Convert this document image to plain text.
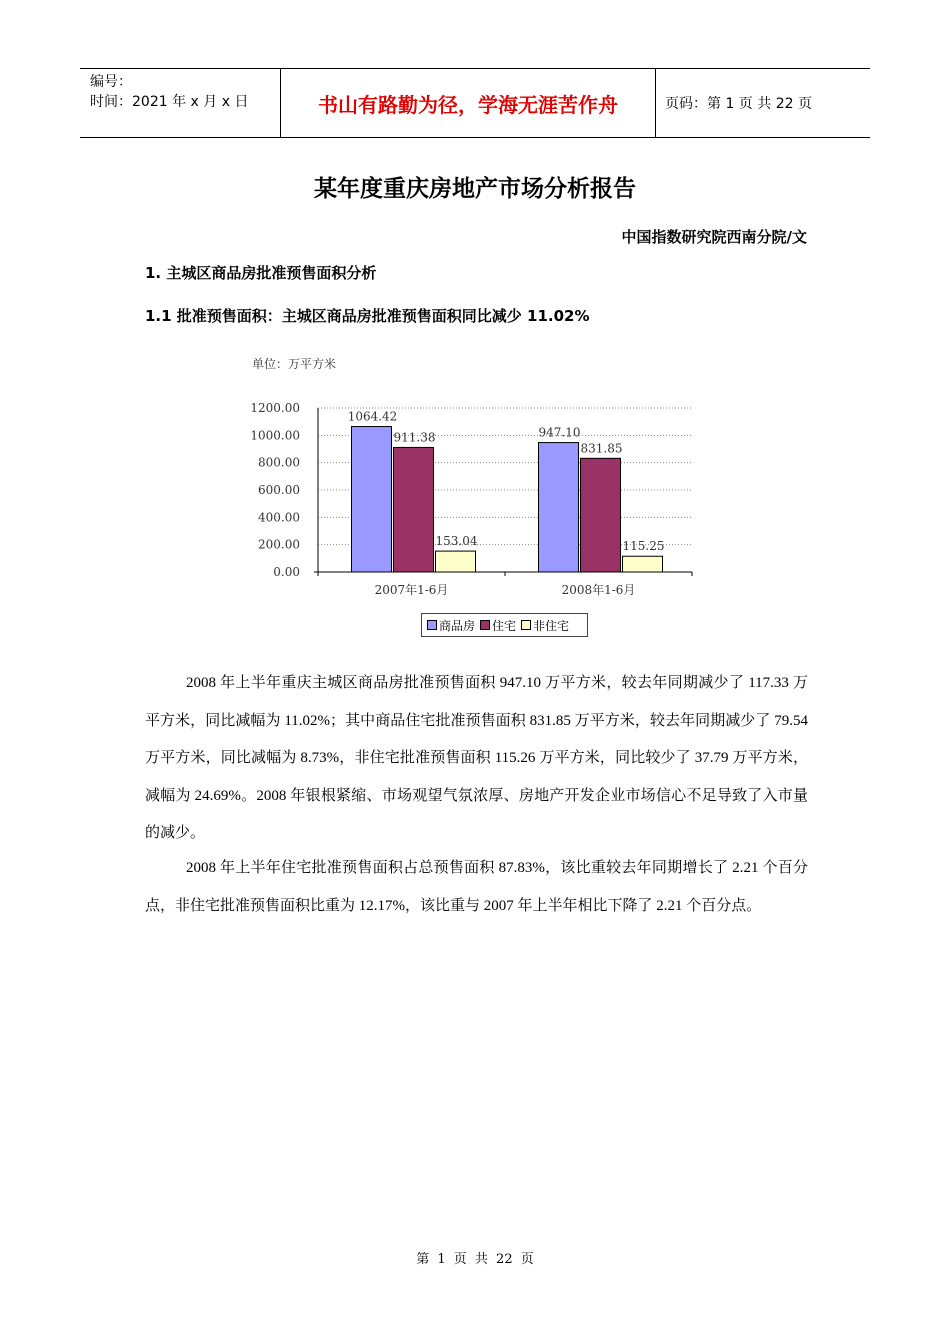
编号：
时间：2021 年 x 月 x 日	书山有路勤为径，学海无涯苦作舟	页码：第 1 页 共 22 页
某年度重庆房地产市场分析报告
中国指数研究院西南分院/文
1. 主城区商品房批准预售面积分析
1.1 批准预售面积：主城区商品房批准预售面积同比减少 11.02%
单位：万平方米
0.00
200.00
400.00
600.00
800.00
1000.00
1200.00
1064.42
911.38
153.04
2007年1-6月
947.10
831.85
115.25
2008年1-6月
商品房 住宅 非住宅
2008 年上半年重庆主城区商品房批准预售面积 947.10 万平方米，较去年同期减少了 117.33 万平方米，同比减幅为 11.02%；其中商品住宅批准预售面积 831.85 万平方米，较去年同期减少了 79.54 万平方米，同比减幅为 8.73%，非住宅批准预售面积 115.26 万平方米，同比较少了 37.79 万平方米，减幅为 24.69%。2008 年银根紧缩、市场观望气氛浓厚、房地产开发企业市场信心不足导致了入市量的减少。
2008 年上半年住宅批准预售面积占总预售面积 87.83%，该比重较去年同期增长了 2.21 个百分点，非住宅批准预售面积比重为 12.17%，该比重与 2007 年上半年相比下降了 2.21 个百分点。
第 1 页 共 22 页
